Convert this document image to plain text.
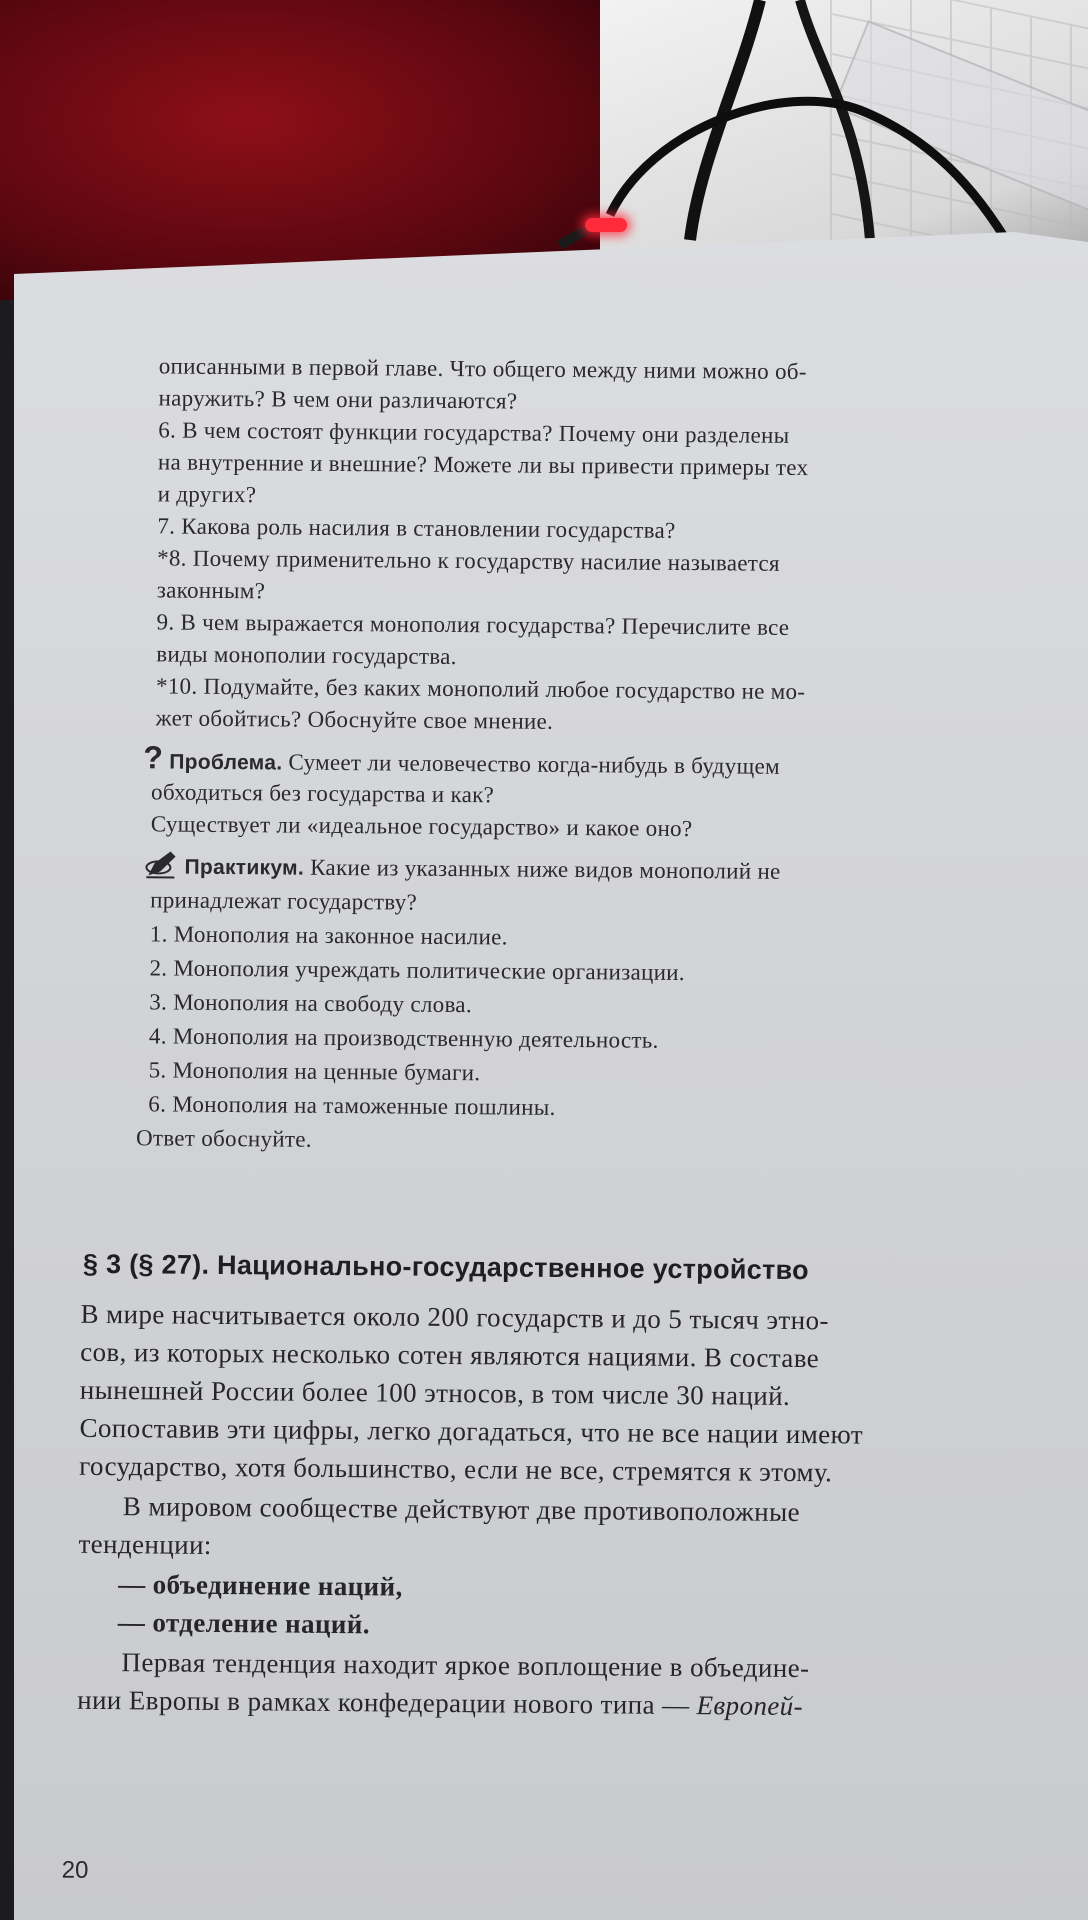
описанными в первой главе. Что общего между ними можно об-
наружить? В чем они различаются?
6. В чем состоят функции государства? Почему они разделены
на внутренние и внешние? Можете ли вы привести примеры тех
и других?
7. Какова роль насилия в становлении государства?
*8. Почему применительно к государству насилие называется
законным?
9. В чем выражается монополия государства? Перечислите все
виды монополии государства.
*10. Подумайте, без каких монополий любое государство не мо-
жет обойтись? Обоснуйте свое мнение.
? Проблема. Сумеет ли человечество когда-нибудь в будущем
обходиться без государства и как?
Существует ли «идеальное государство» и какое оно?
Практикум. Какие из указанных ниже видов монополий не
принадлежат государству?
1. Монополия на законное насилие.
2. Монополия учреждать политические организации.
3. Монополия на свободу слова.
4. Монополия на производственную деятельность.
5. Монополия на ценные бумаги.
6. Монополия на таможенные пошлины.
Ответ обоснуйте.
§ 3 (§ 27). Национально-государственное устройство
В мире насчитывается около 200 государств и до 5 тысяч этно-
сов, из которых несколько сотен являются нациями. В составе
нынешней России более 100 этносов, в том числе 30 наций.
Сопоставив эти цифры, легко догадаться, что не все нации имеют
государство, хотя большинство, если не все, стремятся к этому.
В мировом сообществе действуют две противоположные
тенденции:
— объединение наций,
— отделение наций.
Первая тенденция находит яркое воплощение в объедине-
нии Европы в рамках конфедерации нового типа — Европей-
20
